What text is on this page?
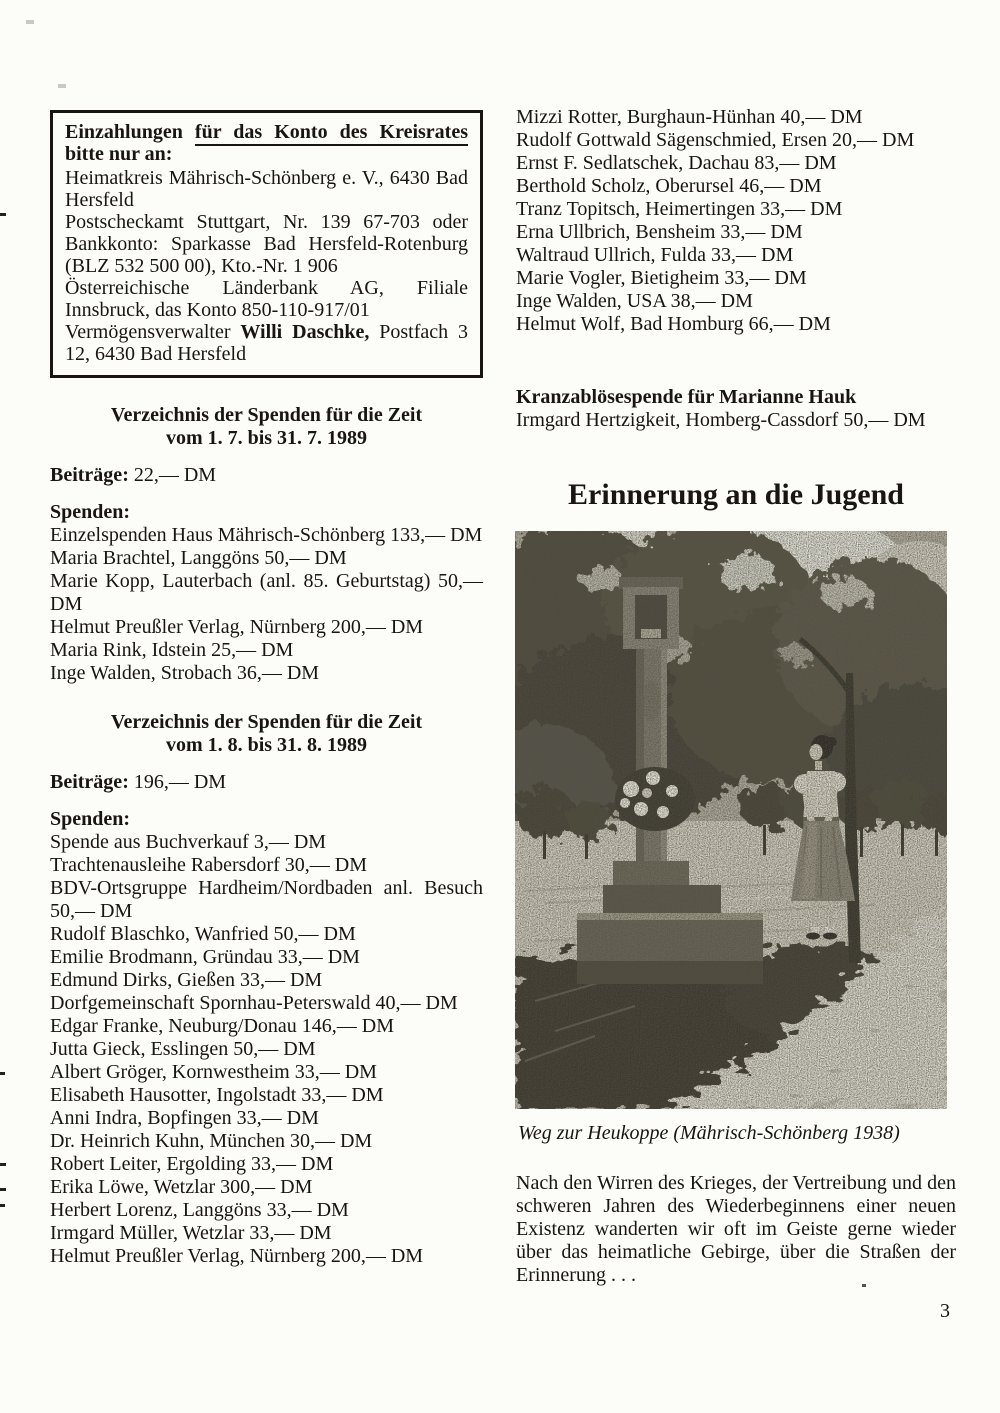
Einzahlungen für das Konto des Kreisrates bitte nur an:

Heimatkreis Mährisch-Schönberg e. V., 6430 Bad Hersfeld

Postscheckamt Stuttgart, Nr. 139 67-703 oder Bankkonto: Sparkasse Bad Hersfeld-Rotenburg (BLZ 532 500 00), Kto.-Nr. 1 906

Österreichische Länderbank AG, Filiale Innsbruck, das Konto 850-110-917/01

Vermögensverwalter Willi Daschke, Postfach 3 12, 6430 Bad Hersfeld

Verzeichnis der Spenden für die Zeit
vom 1. 7. bis 31. 7. 1989

Beiträge: 22,— DM

Spenden:

Einzelspenden Haus Mährisch-Schönberg 133,— DM

Maria Brachtel, Langgöns 50,— DM

Marie Kopp, Lauterbach (anl. 85. Geburtstag) 50,— DM

Helmut Preußler Verlag, Nürnberg 200,— DM

Maria Rink, Idstein 25,— DM

Inge Walden, Strobach 36,— DM

Verzeichnis der Spenden für die Zeit
vom 1. 8. bis 31. 8. 1989

Beiträge: 196,— DM

Spenden:

Spende aus Buchverkauf 3,— DM

Trachtenausleihe Rabersdorf 30,— DM

BDV-Ortsgruppe Hardheim/Nordbaden anl. Besuch 50,— DM

Rudolf Blaschko, Wanfried 50,— DM

Emilie Brodmann, Gründau 33,— DM

Edmund Dirks, Gießen 33,— DM

Dorfgemeinschaft Spornhau-Peterswald 40,— DM

Edgar Franke, Neuburg/Donau 146,— DM

Jutta Gieck, Esslingen 50,— DM

Albert Gröger, Kornwestheim 33,— DM

Elisabeth Hausotter, Ingolstadt 33,— DM

Anni Indra, Bopfingen 33,— DM

Dr. Heinrich Kuhn, München 30,— DM

Robert Leiter, Ergolding 33,— DM

Erika Löwe, Wetzlar 300,— DM

Herbert Lorenz, Langgöns 33,— DM

Irmgard Müller, Wetzlar 33,— DM

Helmut Preußler Verlag, Nürnberg 200,— DM

Mizzi Rotter, Burghaun-Hünhan 40,— DM

Rudolf Gottwald Sägenschmied, Ersen 20,— DM

Ernst F. Sedlatschek, Dachau 83,— DM

Berthold Scholz, Oberursel 46,— DM

Tranz Topitsch, Heimertingen 33,— DM

Erna Ullbrich, Bensheim 33,— DM

Waltraud Ullrich, Fulda 33,— DM

Marie Vogler, Bietigheim 33,— DM

Inge Walden, USA 38,— DM

Helmut Wolf, Bad Homburg 66,— DM

Kranzablösespende für Marianne Hauk

Irmgard Hertzigkeit, Homberg-Cassdorf 50,— DM

Erinnerung an die Jugend

Weg zur Heukoppe (Mährisch-Schönberg 1938)

Nach den Wirren des Krieges, der Vertreibung und den schweren Jahren des Wiederbeginnens einer neuen Existenz wanderten wir oft im Geiste gerne wieder über das heimatliche Gebirge, über die Straßen der Erinnerung . . .

3
